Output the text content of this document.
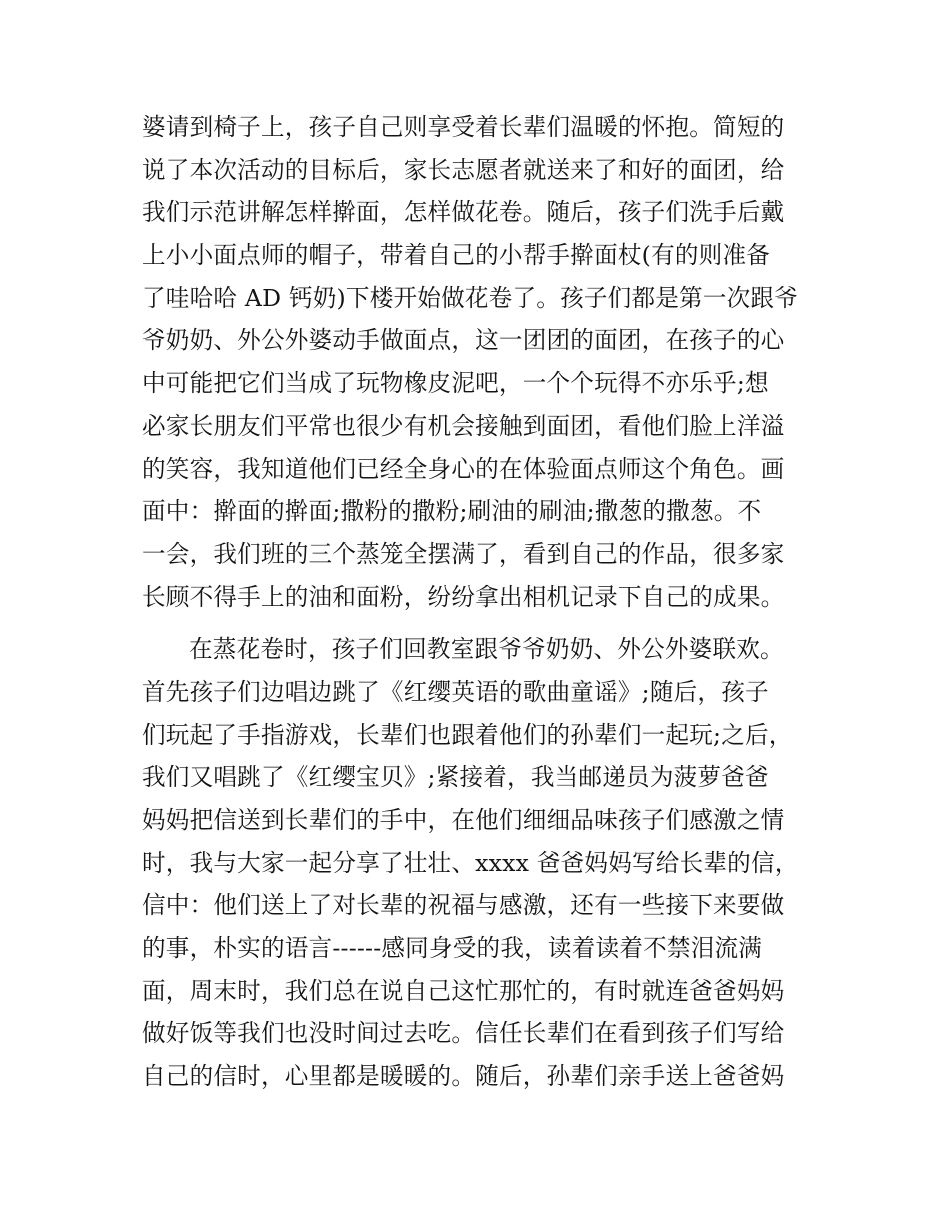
婆请到椅子上，孩子自己则享受着长辈们温暖的怀抱。简短的
说了本次活动的目标后，家长志愿者就送来了和好的面团，给
我们示范讲解怎样擀面，怎样做花卷。随后，孩子们洗手后戴
上小小面点师的帽子，带着自己的小帮手擀面杖(有的则准备
了哇哈哈 AD 钙奶)下楼开始做花卷了。孩子们都是第一次跟爷
爷奶奶、外公外婆动手做面点，这一团团的面团，在孩子的心
中可能把它们当成了玩物橡皮泥吧，一个个玩得不亦乐乎;想
必家长朋友们平常也很少有机会接触到面团，看他们脸上洋溢
的笑容，我知道他们已经全身心的在体验面点师这个角色。画
面中：擀面的擀面;撒粉的撒粉;刷油的刷油;撒葱的撒葱。不
一会，我们班的三个蒸笼全摆满了，看到自己的作品，很多家
长顾不得手上的油和面粉，纷纷拿出相机记录下自己的成果。

在蒸花卷时，孩子们回教室跟爷爷奶奶、外公外婆联欢。
首先孩子们边唱边跳了《红缨英语的歌曲童谣》;随后，孩子
们玩起了手指游戏，长辈们也跟着他们的孙辈们一起玩;之后，
我们又唱跳了《红缨宝贝》;紧接着，我当邮递员为菠萝爸爸
妈妈把信送到长辈们的手中，在他们细细品味孩子们感激之情
时，我与大家一起分享了壮壮、xxxx 爸爸妈妈写给长辈的信，
信中：他们送上了对长辈的祝福与感激，还有一些接下来要做
的事，朴实的语言------感同身受的我，读着读着不禁泪流满
面，周末时，我们总在说自己这忙那忙的，有时就连爸爸妈妈
做好饭等我们也没时间过去吃。信任长辈们在看到孩子们写给
自己的信时，心里都是暖暖的。随后，孙辈们亲手送上爸爸妈
